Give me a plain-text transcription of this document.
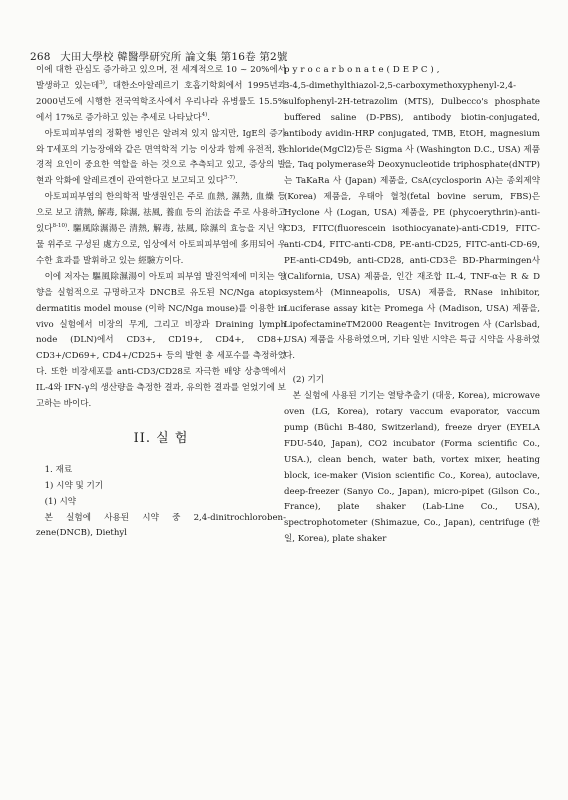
268 大田大學校 韓醫學研究所 論文集 第16卷 第2號

이에 대한 관심도 증가하고 있으며, 전 세계적으로 10 ~ 20%에서 발생하고 있는데$^{3)}$, 대한소아알레르기 호흡기학회에서 1995년과 2000년도에 시행한 전국역학조사에서 우리나라 유병률도 15.5%에서 17%로 증가하고 있는 추세로 나타났다$^{4)}$.

아토피피부염의 정확한 병인은 알려져 있지 않지만, IgE의 증가와 T세포의 기능장애와 같은 면역학적 기능 이상과 함께 유전적, 환경적 요인이 중요한 역할을 하는 것으로 추측되고 있고, 증상의 발현과 악화에 알레르겐이 관여한다고 보고되고 있다$^{5-7)}$.

아토피피부염의 한의학적 발생원인은 주로 血熱, 濕熱, 血燥 등으로 보고 清熱, 解毒, 除濕, 祛風, 養血 등의 治法을 주로 사용하고 있다$^{8-10)}$. 驅風除濕湯은 清熱, 解毒, 祛風, 除濕의 효능을 지닌 약물 위주로 구성된 處方으로, 임상에서 아토피피부염에 多用되어 우수한 효과를 발휘하고 있는 經驗方이다.

이에 저자는 驅風除濕湯이 아토피 피부염 발진억제에 미치는 영향을 실험적으로 규명하고자 DNCB로 유도된 NC/Nga atopic dermatitis model mouse (이하 NC/Nga mouse)를 이용한 in vivo 실험에서 비장의 무게, 그리고 비장과 Draining lymph node (DLN)에서 CD3+, CD19+, CD4+, CD8+, CD3+/CD69+, CD4+/CD25+ 등의 발현 총 세포수를 측정하였다. 또한 비장세포를 anti-CD3/CD28로 자극한 배양 상층액에서 IL-4와 IFN-γ의 생산량을 측정한 결과, 유의한 결과를 얻었기에 보고하는 바이다.

II. 실 험

1. 재료

1) 시약 및 기기

(1) 시약

본 실험에 사용된 시약 중 2,4-dinitrochloroben-zene(DNCB), Diethyl

pyrocarbonate(DEPC),

3-4,5-dimethylthiazol-2,5-carboxymethoxyphenyl-2,4-sulfophenyl-2H-tetrazolim (MTS), Dulbecco's phosphate buffered saline (D-PBS), antibody biotin-conjugated, antibody avidin-HRP conjugated, TMB, EtOH, magnesium chloride(MgCl2)등은 Sigma 사 (Washington D.C., USA) 제품을, Taq polymerase와 Deoxynucleotide triphosphate(dNTP)는 TaKaRa 사 (Japan) 제품을, CsA(cyclosporin A)는 종외제약 (Korea) 제품을, 우태아 혈청(fetal bovine serum, FBS)은 Hyclone 사 (Logan, USA) 제품을, PE (phycoerythrin)-anti-CD3, FITC(fluorescein isothiocyanate)-anti-CD19, FITC-anti-CD4, FITC-anti-CD8, PE-anti-CD25, FITC-anti-CD-69, PE-anti-CD49b, anti-CD28, anti-CD3은 BD-Pharmingen사 (California, USA) 제품을, 인간 재조합 IL-4, TNF-α는 R & D system사 (Minneapolis, USA) 제품을, RNase inhibitor, Luciferase assay kit는 Promega 사 (Madison, USA) 제품을, LipofectamineTM2000 Reagent는 Invitrogen 사 (Carlsbad, USA) 제품을 사용하였으며, 기타 일반 시약은 특급 시약을 사용하였다.

(2) 기기

본 실험에 사용된 기기는 열탕추출기 (대웅, Korea), microwave oven (LG, Korea), rotary vaccum evaporator, vaccum pump (Büchi B-480, Switzerland), freeze dryer (EYELA FDU-540, Japan), CO2 incubator (Forma scientific Co., USA.), clean bench, water bath, vortex mixer, heating block, ice-maker (Vision scientific Co., Korea), autoclave, deep-freezer (Sanyo Co., Japan), micro-pipet (Gilson Co., France), plate shaker (Lab-Line Co., USA), spectrophotometer (Shimazue, Co., Japan), centrifuge (한일, Korea), plate shaker
